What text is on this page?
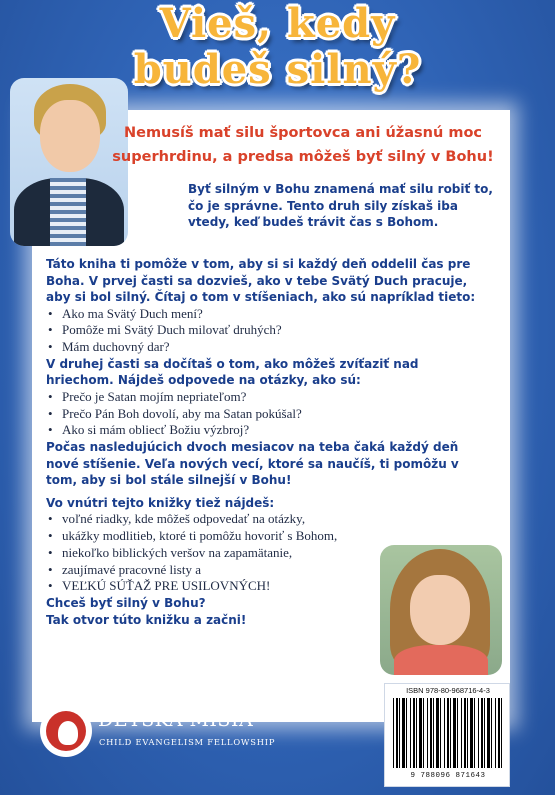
Vieš, kedy
budeš silný?
Nemusíš mať silu športovca ani úžasnú moc
superhrdinu, a predsa môžeš byť silný v Bohu!
Byť silným v Bohu znamená mať silu robiť to, čo je správne. Tento druh sily získaš iba vtedy, keď budeš trávit čas s Bohom.

Táto kniha ti pomôže v tom, aby si si každý deň oddelil čas pre Boha. V prvej časti sa dozvieš, ako v tebe Svätý Duch pracuje, aby si bol silný. Čítaj o tom v stíšeniach, ako sú napríklad tieto:

• Ako ma Svätý Duch mení?
• Pomôže mi Svätý Duch milovať druhých?
• Mám duchovný dar?

V druhej časti sa dočítaš o tom, ako môžeš zvíťaziť nad hriechom. Nájdeš odpovede na otázky, ako sú:

• Prečo je Satan mojím nepriateľom?
• Prečo Pán Boh dovolí, aby ma Satan pokúšal?
• Ako si mám obliecť Božiu výzbroj?

Počas nasledujúcich dvoch mesiacov na teba čaká každý deň nové stíšenie. Veľa nových vecí, ktoré sa naučíš, ti pomôžu v tom, aby si bol stále silnejší v Bohu!

Vo vnútri tejto knižky tiež nájdeš:

• voľné riadky, kde môžeš odpovedať na otázky,
• ukážky modlitieb, ktoré ti pomôžu hovoriť s Bohom,
• niekoľko biblických veršov na zapamätanie,
• zaujímavé pracovné listy a
• VEĽKÚ SÚŤAŽ PRE USILOVNÝCH!

Chceš byť silný v Bohu?

Tak otvor túto knižku a začni!

DETSKÁ MISIA
CHILD EVANGELISM FELLOWSHIP
ISBN 978-80-968716-4-3
9 788096 871643
